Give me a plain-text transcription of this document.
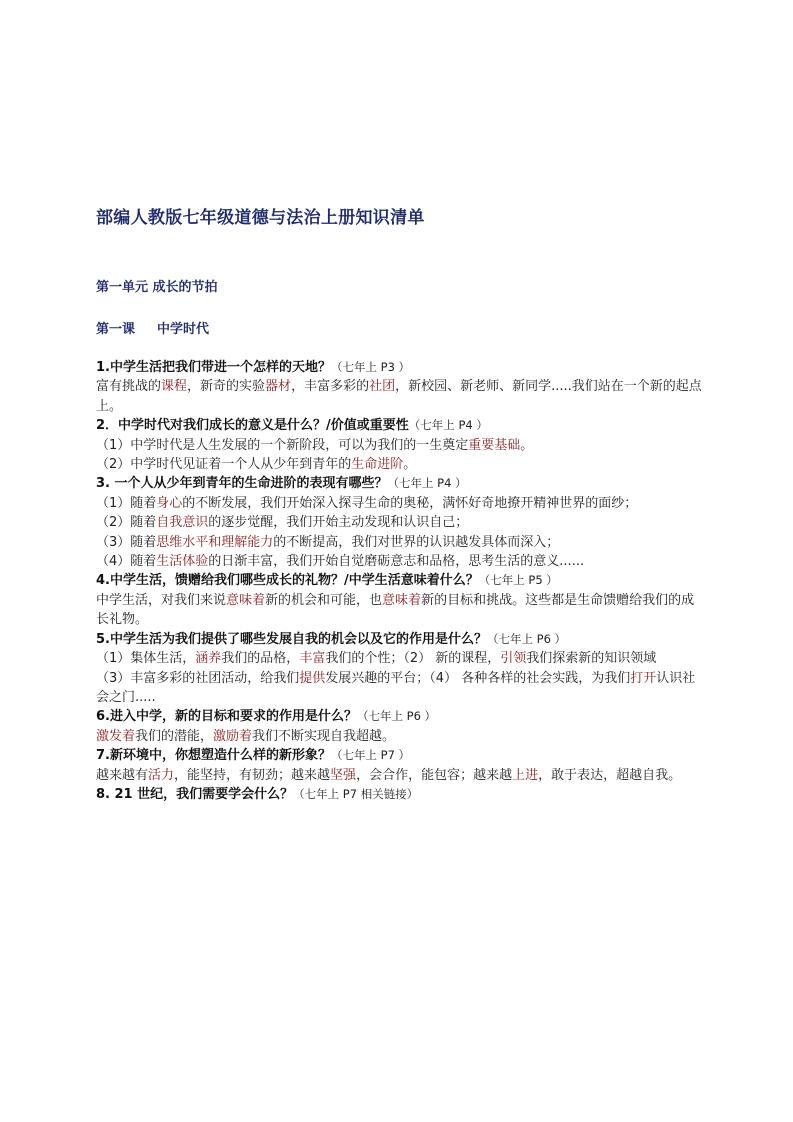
部编人教版七年级道德与法治上册知识清单
第一单元 成长的节拍
第一课 中学时代
1.中学生活把我们带进一个怎样的天地？（七年上 P3 ）
富有挑战的课程，新奇的实验器材，丰富多彩的社团，新校园、新老师、新同学.....我们站在一个新的起点上。
2．中学时代对我们成长的意义是什么？/价值或重要性（七年上 P4 ）
（1）中学时代是人生发展的一个新阶段，可以为我们的一生奠定重要基础。
（2）中学时代见证着一个人从少年到青年的生命进阶。
3. 一个人从少年到青年的生命进阶的表现有哪些？（七年上 P4 ）
（1）随着身心的不断发展，我们开始深入探寻生命的奥秘，满怀好奇地撩开精神世界的面纱；
（2）随着自我意识的逐步觉醒，我们开始主动发现和认识自己；
（3）随着思维水平和理解能力的不断提高，我们对世界的认识越发具体而深入；
（4）随着生活体验的日渐丰富，我们开始自觉磨砺意志和品格，思考生活的意义......
4.中学生活，馈赠给我们哪些成长的礼物？/中学生活意味着什么？（七年上 P5 ）
中学生活，对我们来说意味着新的机会和可能，也意味着新的目标和挑战。这些都是生命馈赠给我们的成长礼物。
5.中学生活为我们提供了哪些发展自我的机会以及它的作用是什么？（七年上 P6 ）
（1）集体生活，涵养我们的品格，丰富我们的个性；（2） 新的课程，引领我们探索新的知识领域
（3）丰富多彩的社团活动，给我们提供发展兴趣的平台；（4） 各种各样的社会实践，为我们打开认识社会之门.....
6.进入中学，新的目标和要求的作用是什么？（七年上 P6 ）
激发着我们的潜能，激励着我们不断实现自我超越。
7.新环境中，你想塑造什么样的新形象？（七年上 P7 ）
越来越有活力，能坚持，有韧劲；越来越坚强，会合作，能包容；越来越上进，敢于表达，超越自我。
8. 21 世纪，我们需要学会什么？（七年上 P7 相关链接）
